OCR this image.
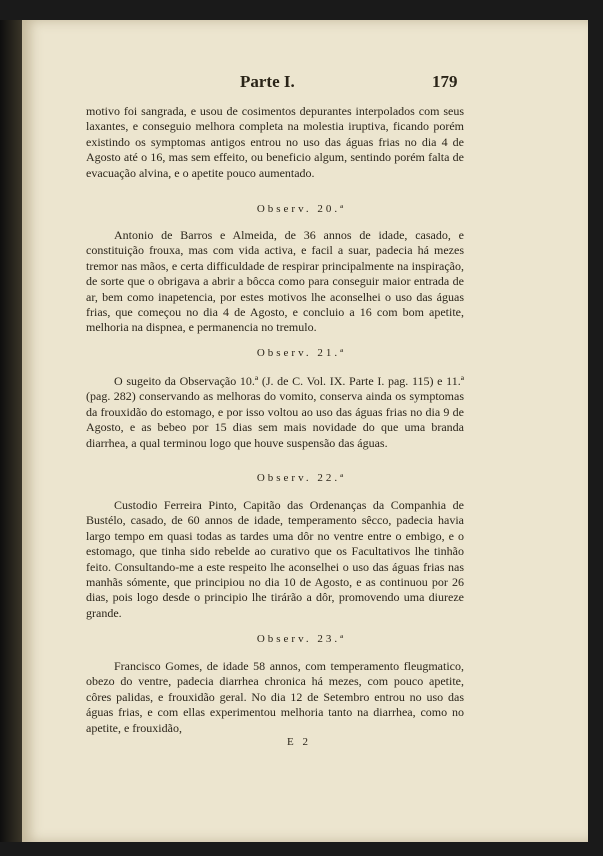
Parte I.	179

motivo foi sangrada, e usou de cosimentos depurantes interpolados com seus laxantes, e conseguio melhora completa na molestia iruptiva, ficando porém existindo os symptomas antigos entrou no uso das águas frias no dia 4 de Agosto até o 16, mas sem effeito, ou beneficio algum, sentindo porém falta de evacuação alvina, e o apetite pouco aumentado.

Observ. 20.ª

Antonio de Barros e Almeida, de 36 annos de idade, casado, e constituição frouxa, mas com vida activa, e facil a suar, padecia há mezes tremor nas mãos, e certa difficuldade de respirar principalmente na inspiração, de sorte que o obrigava a abrir a bôcca como para conseguir maior entrada de ar, bem como inapetencia, por estes motivos lhe aconselhei o uso das águas frias, que começou no dia 4 de Agosto, e concluio a 16 com bom apetite, melhoria na dispnea, e permanencia no tremulo.

Observ. 21.ª

O sugeito da Observação 10.ª (J. de C. Vol. IX. Parte I. pag. 115) e 11.ª (pag. 282) conservando as melhoras do vomito, conserva ainda os symptomas da frouxidão do estomago, e por isso voltou ao uso das águas frias no dia 9 de Agosto, e as bebeo por 15 dias sem mais novidade do que uma branda diarrhea, a qual terminou logo que houve suspensão das águas.

Observ. 22.ª

Custodio Ferreira Pinto, Capitão das Ordenanças da Companhia de Bustélo, casado, de 60 annos de idade, temperamento sêcco, padecia havia largo tempo em quasi todas as tardes uma dôr no ventre entre o embigo, e o estomago, que tinha sido rebelde ao curativo que os Facultativos lhe tinhão feito. Consultando-me a este respeito lhe aconselhei o uso das águas frias nas manhãs sómente, que principiou no dia 10 de Agosto, e as continuou por 26 dias, pois logo desde o principio lhe tirárão a dôr, promovendo uma diureze grande.

Observ. 23.ª

Francisco Gomes, de idade 58 annos, com temperamento fleugmatico, obezo do ventre, padecia diarrhea chronica há mezes, com pouco apetite, côres palidas, e frouxidão geral. No dia 12 de Setembro entrou no uso das águas frias, e com ellas experimentou melhoria tanto na diarrhea, como no apetite, e frouxidão,

E 2
